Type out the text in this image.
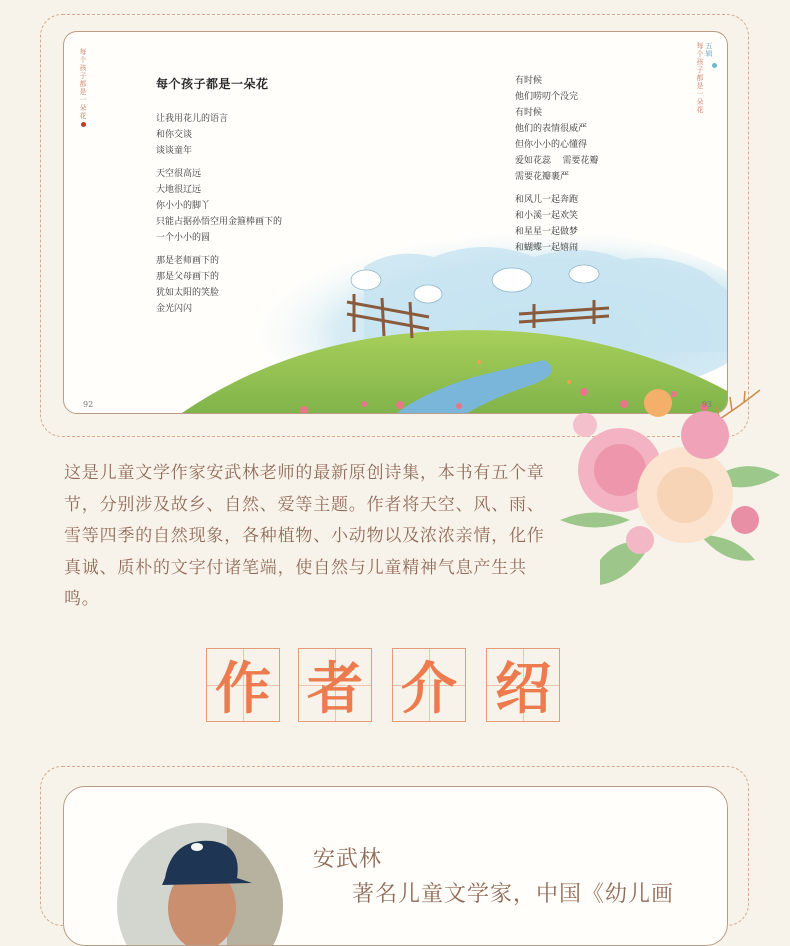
每个孩子都是一朵花	五辑
每个孩子都是一朵花
每个孩子都是一朵花
让我用花儿的语言
和你交谈
谈谈童年
天空很高远
大地很辽远
你小小的脚丫
只能占据孙悟空用金箍棒画下的
一个小小的圆
那是老师画下的
那是父母画下的
犹如太阳的笑脸
金光闪闪
有时候
他们唠叨个没完
有时候
他们的表情很威严
但你小小的心懂得
爱如花蕊    需要花瓣
需要花瓣裹严
和风儿一起奔跑
和小溪一起欢笑
和星星一起做梦
和蝴蝶一起嬉闹
92	93
这是儿童文学作家安武林老师的最新原创诗集，本书有五个章节，分别涉及故乡、自然、爱等主题。作者将天空、风、雨、雪等四季的自然现象，各种植物、小动物以及浓浓亲情，化作真诚、质朴的文字付诸笔端，使自然与儿童精神气息产生共鸣。
作 者 介 绍
安武林
著名儿童文学家，中国《幼儿画
